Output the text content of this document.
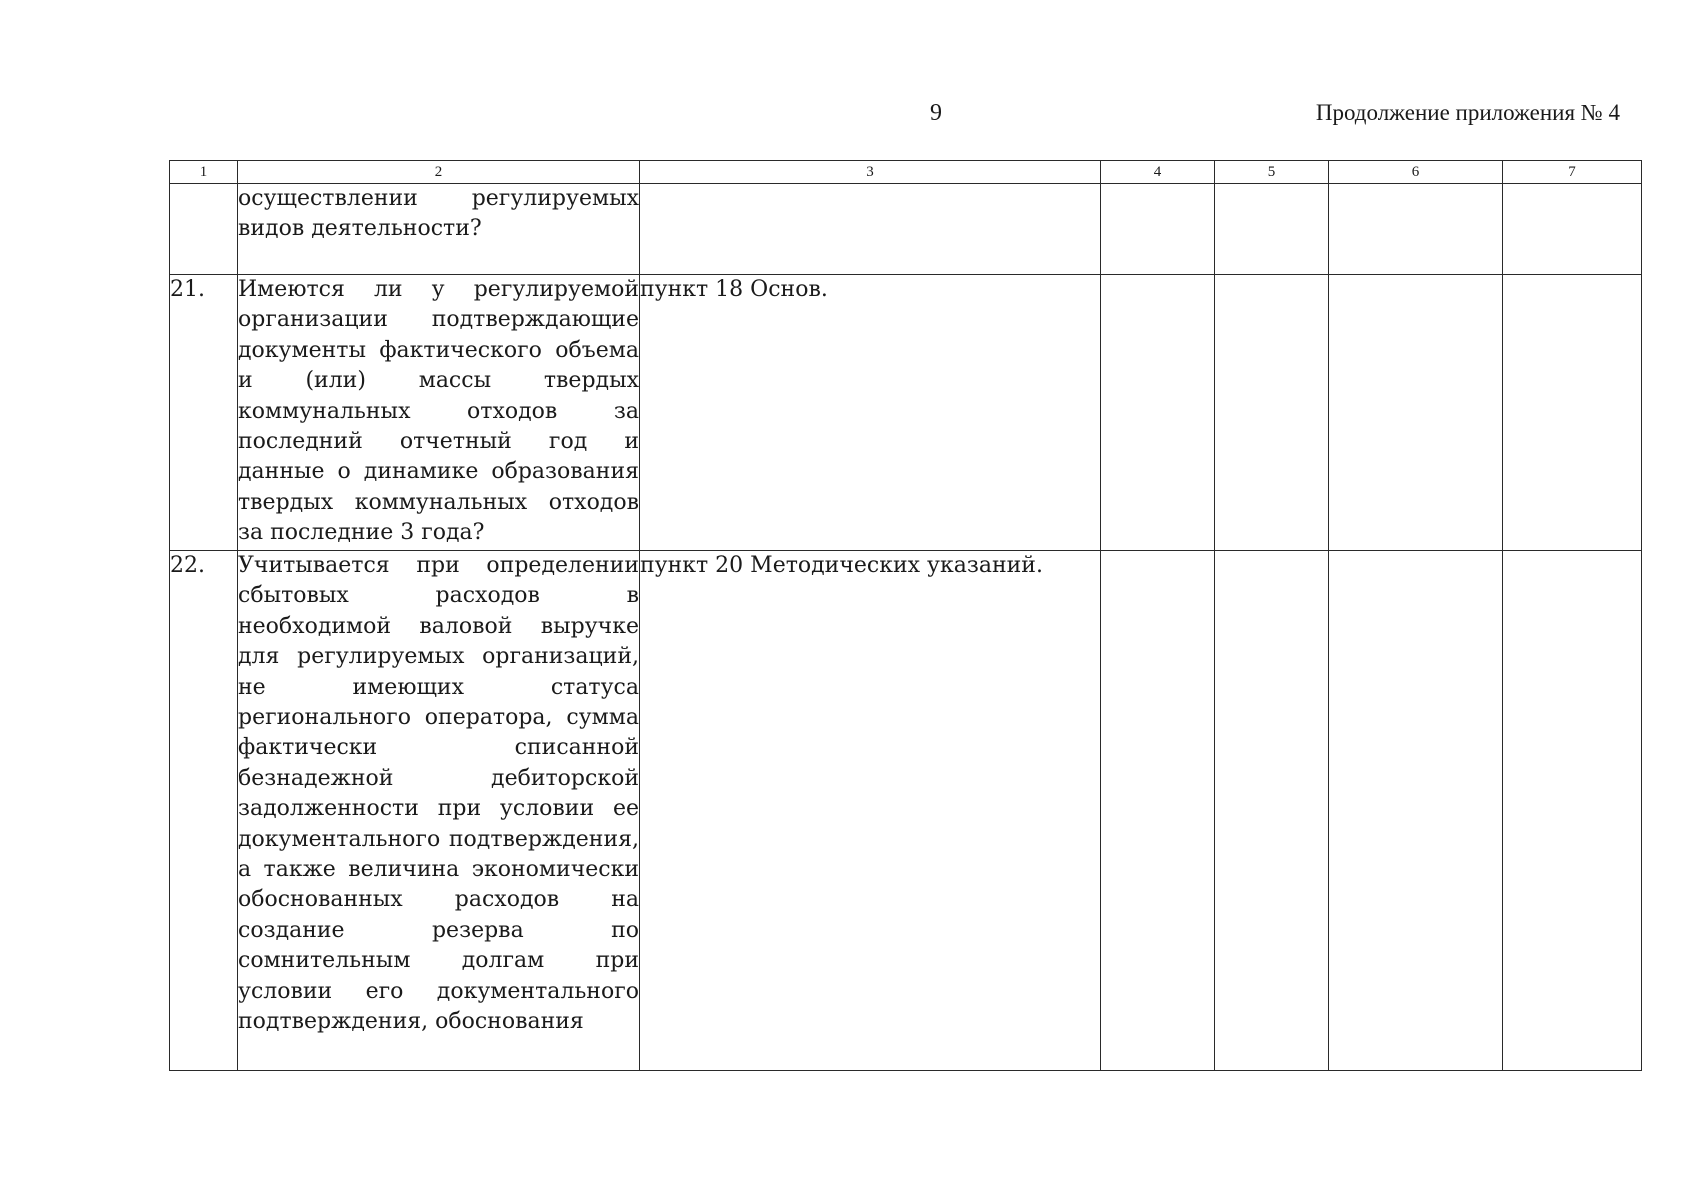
9	Продолжение приложения № 4
1	2	3	4	5	6	7

	осуществлении регулируемых видов деятельности?					

21.	Имеются ли у регулируемой организации подтверждающие документы фактического объема и (или) массы твердых коммунальных отходов за последний отчетный год и данные о динамике образования твердых коммунальных отходов за последние 3 года?	пункт 18 Основ.				
22.	Учитывается при определении сбытовых расходов в необходимой валовой выручке для регулируемых организаций, не имеющих статуса регионального оператора, сумма фактически списанной безнадежной дебиторской задолженности при условии ее документального подтверждения, а также величина экономически обоснованных расходов на создание резерва по сомнительным долгам при условии его документального подтверждения, обоснования	пункт 20 Методических указаний.				
